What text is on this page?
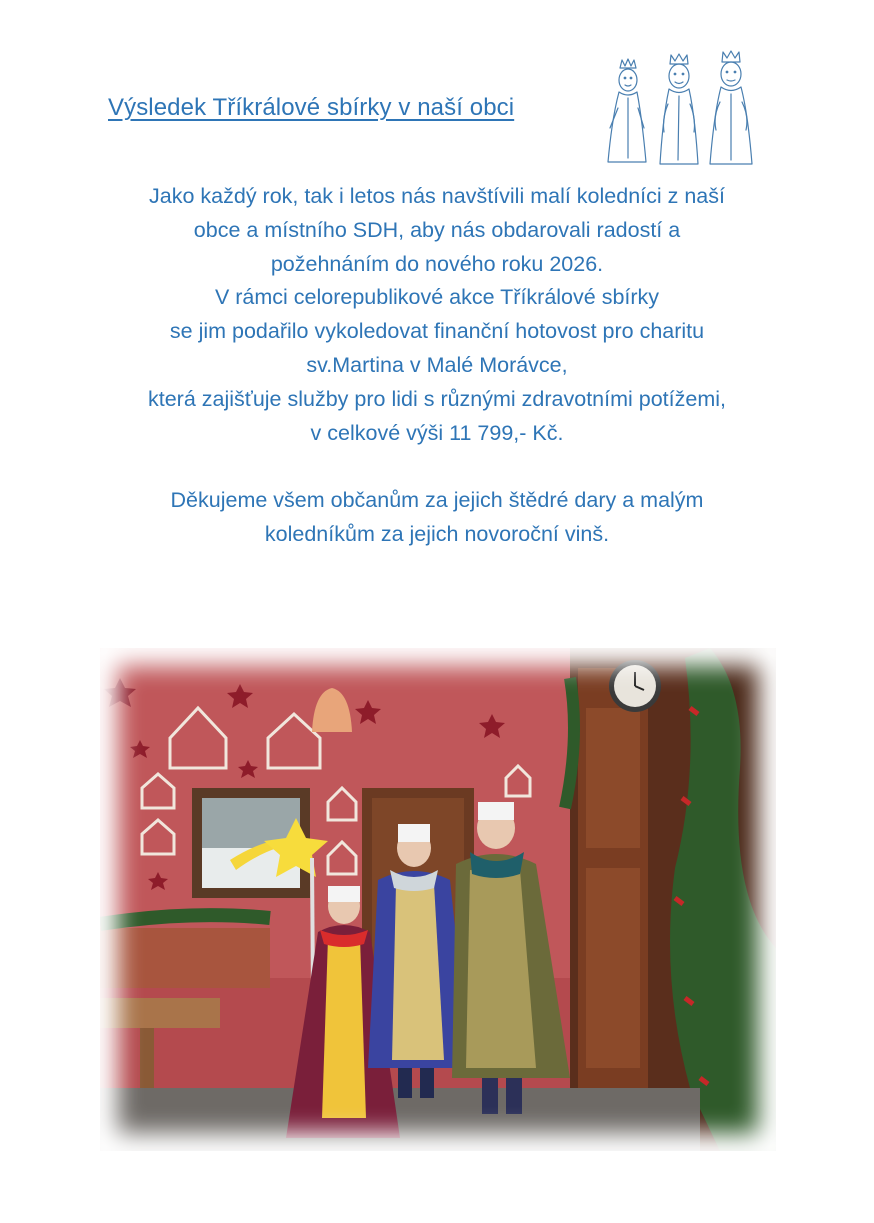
Výsledek Tříkrálové sbírky v naší obci
Jako každý rok, tak i letos nás navštívili malí koledníci z naší
obce a místního SDH, aby nás obdarovali radostí a
požehnáním do nového roku 2026.
V rámci celorepublikové akce Tříkrálové sbírky
se jim podařilo vykoledovat finanční hotovost pro charitu
sv.Martina v Malé Morávce,
která zajišťuje služby pro lidi s různými zdravotními potížemi,
v celkové výši 11 799,- Kč.
Děkujeme všem občanům za jejich štědré dary a malým
koledníkům za jejich novoroční vinš.
